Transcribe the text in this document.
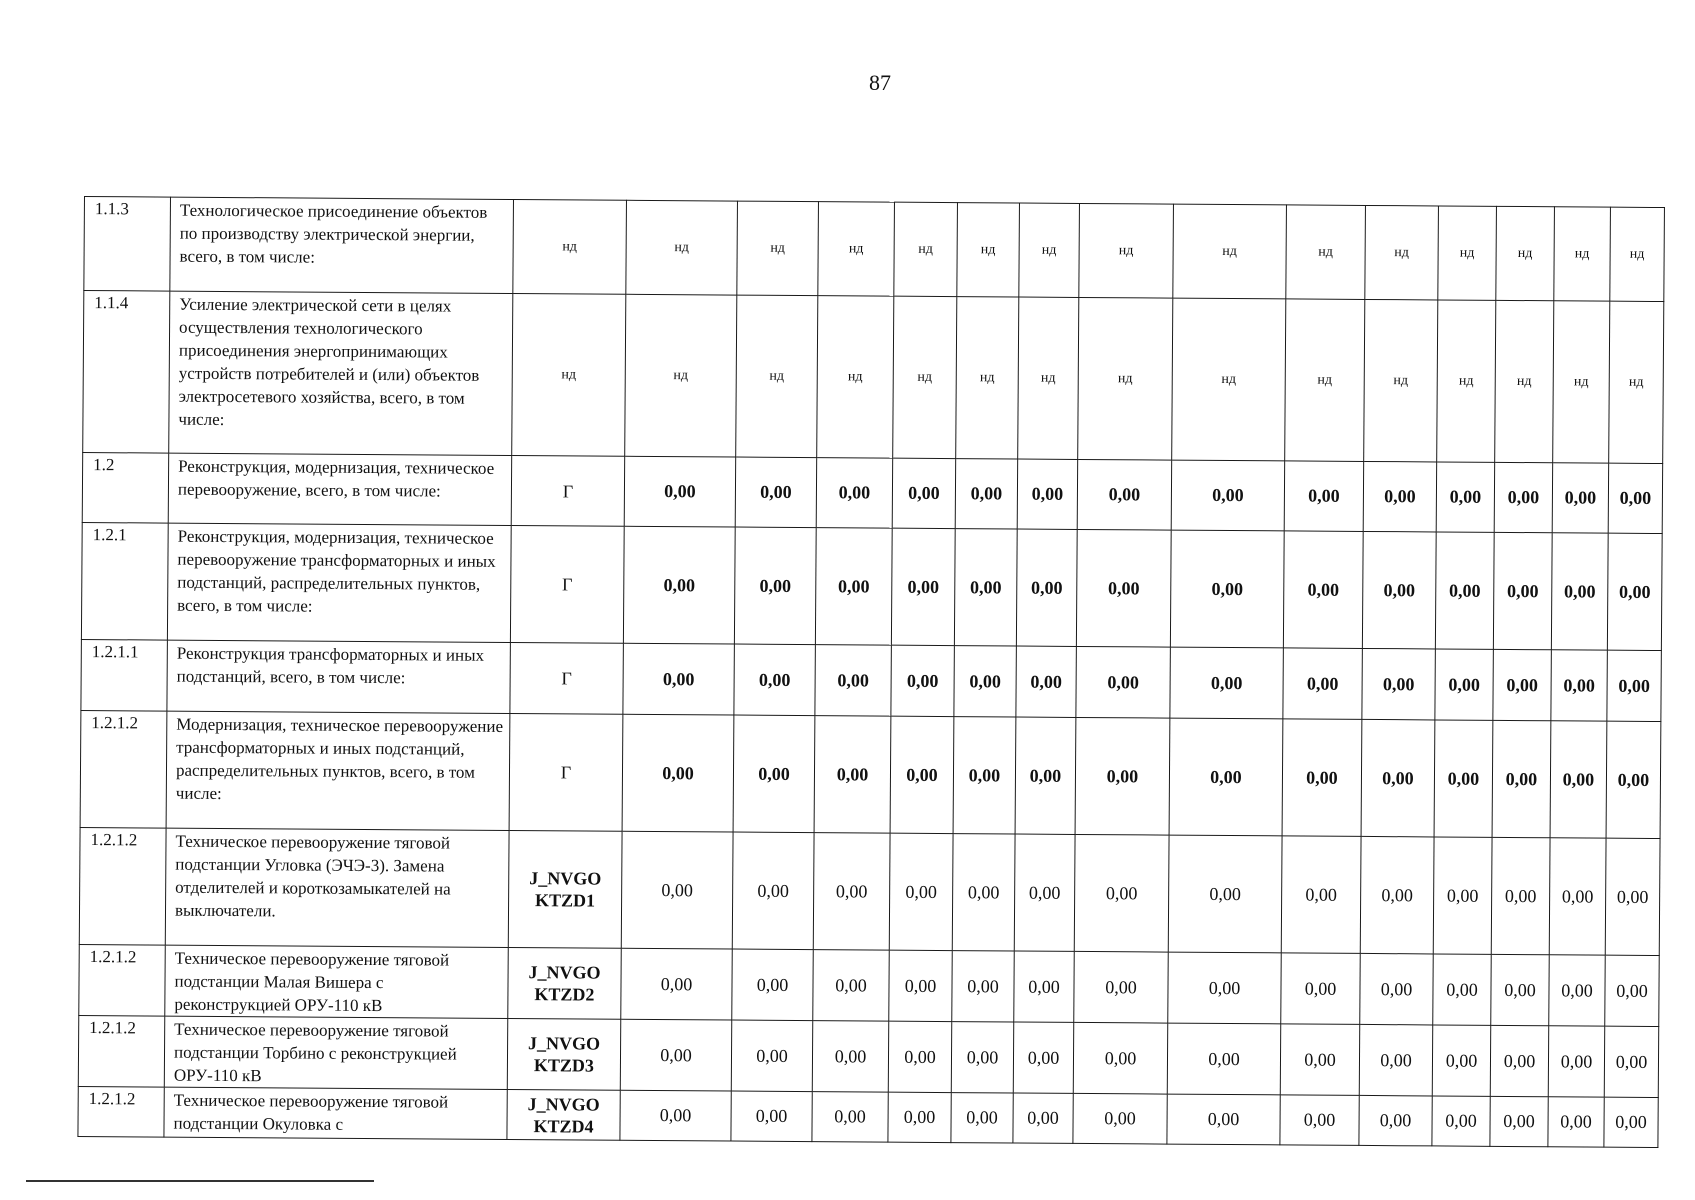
87
1.1.3	Технологическое присоединение объектов по производству электрической энергии, всего, в том числе:	нд	нд	нд	нд	нд	нд	нд	нд	нд	нд	нд	нд	нд	нд	нд
1.1.4	Усиление электрической сети в целях осуществления технологического присоединения энергопринимающих устройств потребителей и (или) объектов электросетевого хозяйства, всего, в том числе:	нд	нд	нд	нд	нд	нд	нд	нд	нд	нд	нд	нд	нд	нд	нд
1.2	Реконструкция, модернизация, техническое перевооружение, всего, в том числе:	Г	0,00	0,00	0,00	0,00	0,00	0,00	0,00	0,00	0,00	0,00	0,00	0,00	0,00	0,00
1.2.1	Реконструкция, модернизация, техническое перевооружение трансформаторных и иных подстанций, распределительных пунктов, всего, в том числе:	Г	0,00	0,00	0,00	0,00	0,00	0,00	0,00	0,00	0,00	0,00	0,00	0,00	0,00	0,00
1.2.1.1	Реконструкция трансформаторных и иных подстанций, всего, в том числе:	Г	0,00	0,00	0,00	0,00	0,00	0,00	0,00	0,00	0,00	0,00	0,00	0,00	0,00	0,00
1.2.1.2	Модернизация, техническое перевооружение трансформаторных и иных подстанций, распределительных пунктов, всего, в том числе:	Г	0,00	0,00	0,00	0,00	0,00	0,00	0,00	0,00	0,00	0,00	0,00	0,00	0,00	0,00
1.2.1.2	Техническое перевооружение тяговой подстанции Угловка (ЭЧЭ-3). Замена отделителей и короткозамыкателей на выключатели.	J_NVGO KTZD1	0,00	0,00	0,00	0,00	0,00	0,00	0,00	0,00	0,00	0,00	0,00	0,00	0,00	0,00
1.2.1.2	Техническое перевооружение тяговой подстанции Малая Вишера с реконструкцией ОРУ-110 кВ	J_NVGO KTZD2	0,00	0,00	0,00	0,00	0,00	0,00	0,00	0,00	0,00	0,00	0,00	0,00	0,00	0,00
1.2.1.2	Техническое перевооружение тяговой подстанции Торбино с реконструкцией ОРУ-110 кВ	J_NVGO KTZD3	0,00	0,00	0,00	0,00	0,00	0,00	0,00	0,00	0,00	0,00	0,00	0,00	0,00	0,00
1.2.1.2	Техническое перевооружение тяговой подстанции Окуловка с	J_NVGO KTZD4	0,00	0,00	0,00	0,00	0,00	0,00	0,00	0,00	0,00	0,00	0,00	0,00	0,00	0,00
